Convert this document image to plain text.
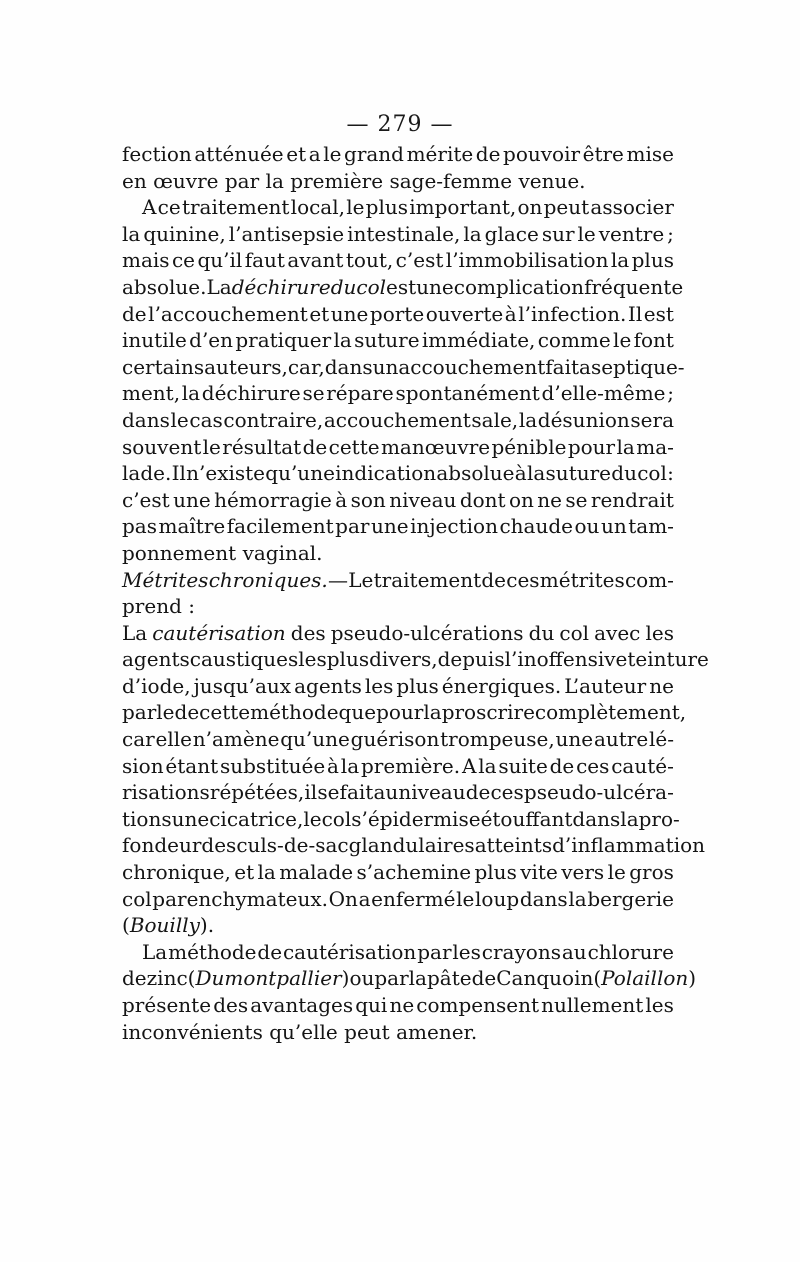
— 279 —
fection atténuée et a le grand mérite de pouvoir être mise
en œuvre par la première sage-femme venue.
A ce traitement local, le plus important, on peut associer
la quinine, l’antisepsie intestinale, la glace sur le ventre ;
mais ce qu’il faut avant tout, c’est l’immobilisation la plus
absolue. La déchirure du col est une complication fréquente
de l’accouchement et une porte ouverte à l’infection. Il est
inutile d’en pratiquer la suture immédiate, comme le font
certains auteurs, car, dans un accouchement fait aseptique-
ment, la déchirure se répare spontanément d’elle-même ;
dans le cas contraire, accouchement sale, la désunion sera
souvent le résultat de cette manœuvre pénible pour la ma-
lade. Il n’existe qu’une indication absolue à la suture du col :
c’est une hémorragie à son niveau dont on ne se rendrait
pas maître facilement par une injection chaude ou un tam-
ponnement vaginal.
Métrites chroniques. — Le traitement de ces métrites com-
prend :
La cautérisation des pseudo-ulcérations du col avec les
agents caustiques les plus divers, depuis l’inoffensive teinture
d’iode, jusqu’aux agents les plus énergiques. L’auteur ne
parle de cette méthode que pour la proscrire complètement,
car elle n’amène qu’une guérison trompeuse, une autre lé-
sion étant substituée à la première. A la suite de ces cauté-
risations répétées, il se fait au niveau de ces pseudo-ulcéra-
tions une cicatrice, le col s’épidermise étouffant dans la pro-
fondeur des culs-de-sac glandulaires atteints d’inflammation
chronique, et la malade s’achemine plus vite vers le gros
col parenchymateux. On a enfermé le loup dans la bergerie
(Bouilly).
La méthode de cautérisation par les crayons au chlorure
de zinc (Dumontpallier) ou par la pâte de Canquoin (Polaillon)
présente des avantages qui ne compensent nullement les
inconvénients qu’elle peut amener.
